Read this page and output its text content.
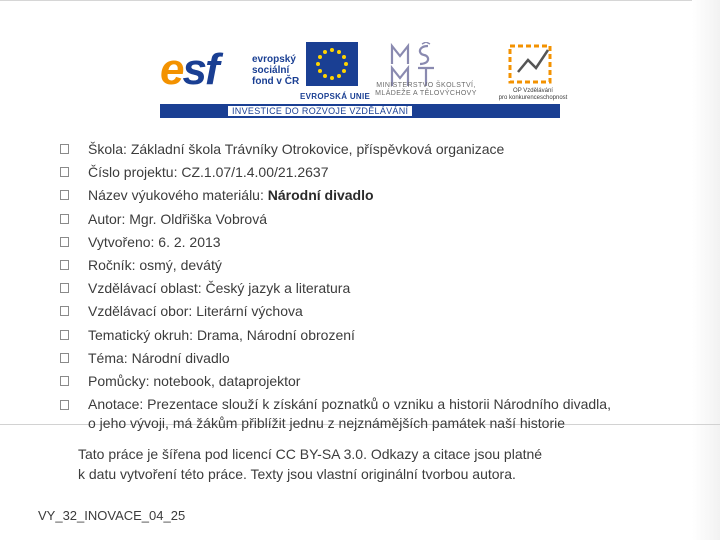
esf	evropský
sociální
fond v ČR
EVROPSKÁ UNIE
MINISTERSTVO ŠKOLSTVÍ,
MLÁDEŽE A TĚLOVÝCHOVY	OP Vzdělávání
pro konkurenceschopnost
INVESTICE DO ROZVOJE VZDĚLÁVÁNÍ
Škola: Základní škola Trávníky Otrokovice, příspěvková organizace
Číslo projektu: CZ.1.07/1.4.00/21.2637
Název výukového materiálu: Národní divadlo
Autor: Mgr. Oldřiška Vobrová
Vytvořeno: 6. 2. 2013
Ročník: osmý, devátý
Vzdělávací oblast: Český jazyk a literatura
Vzdělávací obor: Literární výchova
Tematický okruh: Drama, Národní obrození
Téma: Národní divadlo
Pomůcky: notebook, dataprojektor
Anotace: Prezentace slouží k získání poznatků o vzniku a historii Národního divadla,
o jeho vývoji, má žákům přiblížit jednu z nejznámějších památek naší historie
Tato práce je šířena pod licencí CC BY-SA 3.0. Odkazy a citace jsou platné
k datu vytvoření této práce. Texty jsou vlastní originální tvorbou autora.
VY_32_INOVACE_04_25
